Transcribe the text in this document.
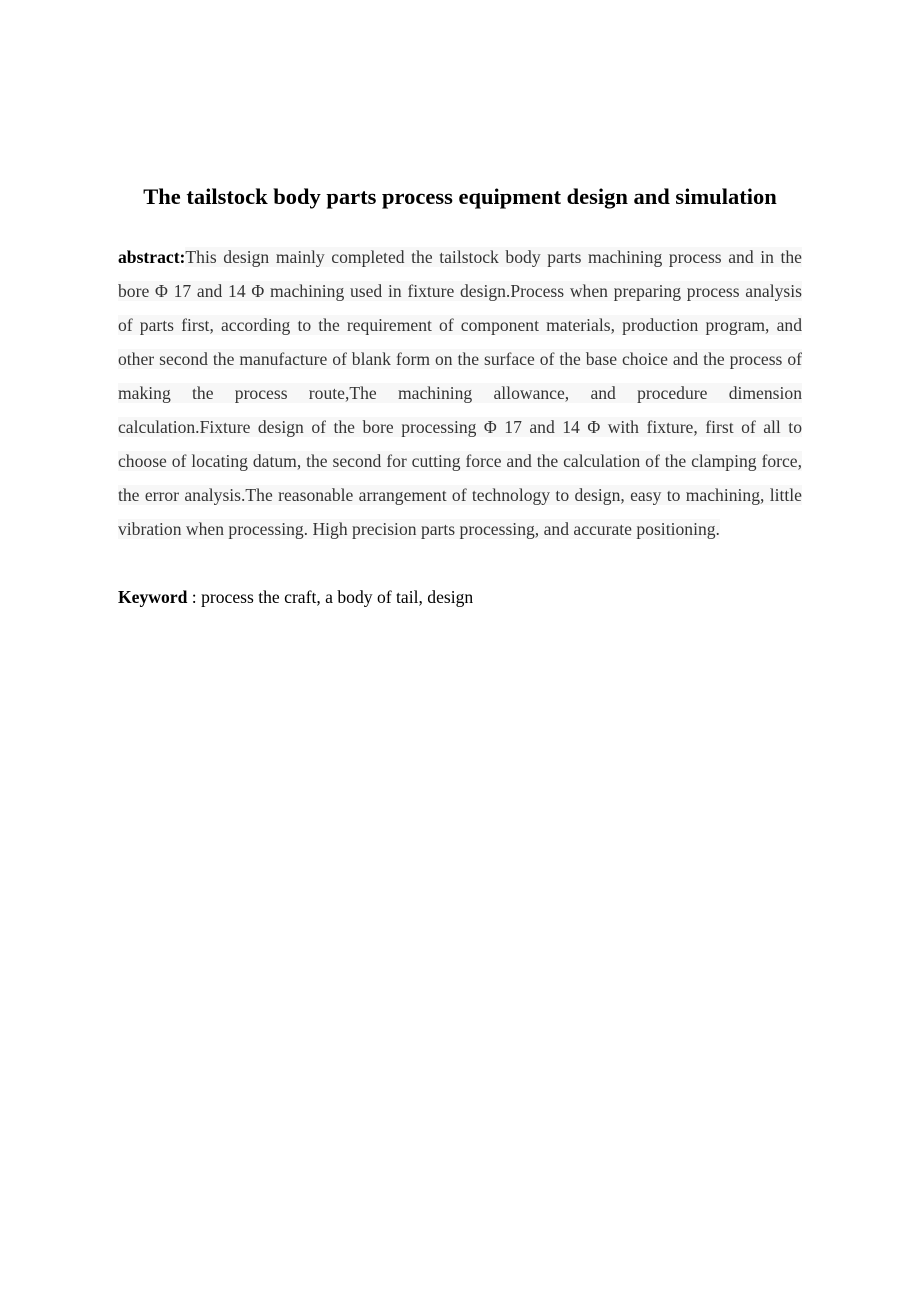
The tailstock body parts process equipment design and simulation

abstract:This design mainly completed the tailstock body parts machining process and in the bore Φ 17 and 14 Φ machining used in fixture design.Process when preparing process analysis of parts first, according to the requirement of component materials, production program, and other second the manufacture of blank form on the surface of the base choice and the process of making the process route,The machining allowance, and procedure dimension calculation.Fixture design of the bore processing Φ 17 and 14 Φ with fixture, first of all to choose of locating datum, the second for cutting force and the calculation of the clamping force, the error analysis.The reasonable arrangement of technology to design, easy to machining, little vibration when processing. High precision parts processing, and accurate positioning.

Keyword : process the craft, a body of tail, design
